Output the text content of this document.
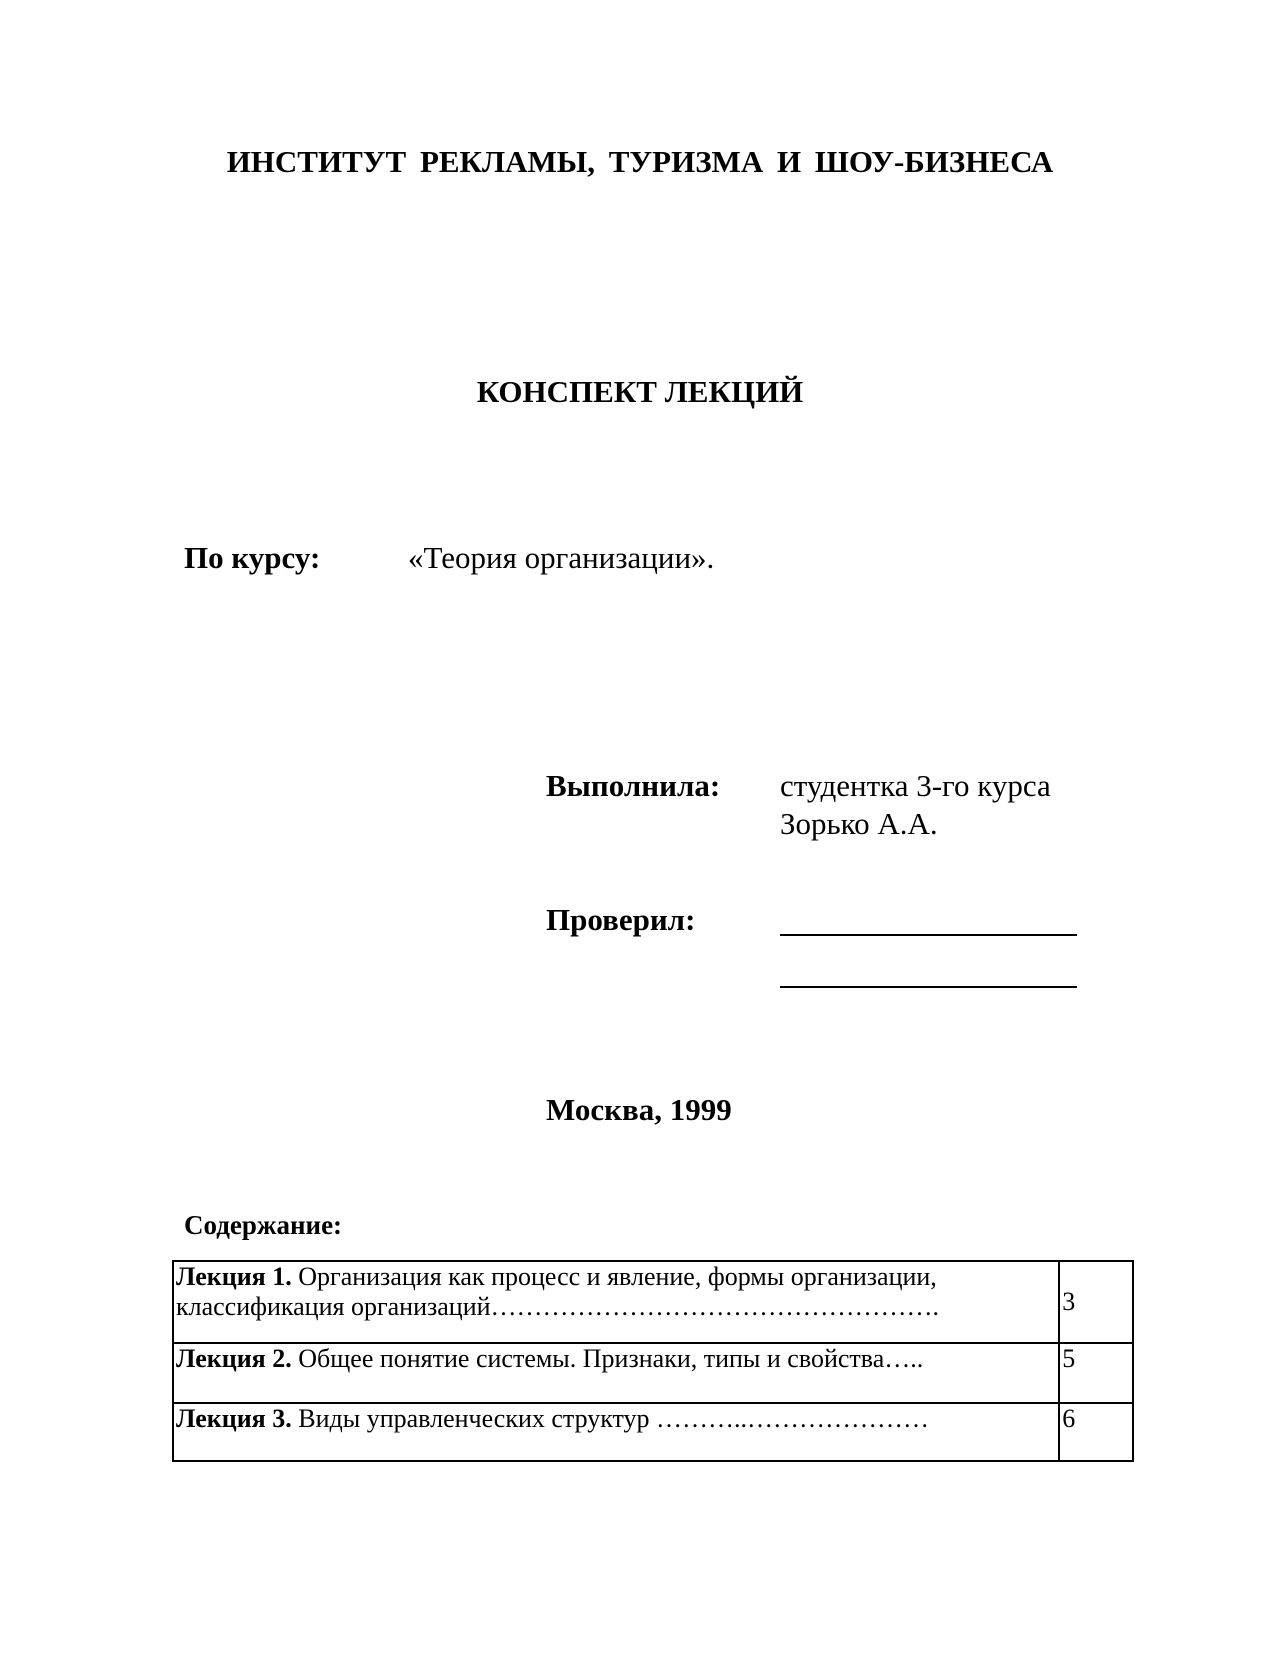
ИНСТИТУТ РЕКЛАМЫ, ТУРИЗМА И ШОУ-БИЗНЕСА
КОНСПЕКТ ЛЕКЦИЙ
По курсу:	«Теория организации».
Выполнила: студентка 3-го курса
Зорько А.А.
Проверил:
Москва, 1999
Содержание:
Лекция 1. Организация как процесс и явление, формы организации,
классификация организаций…………………………………………….	3

Лекция 2. Общее понятие системы. Признаки, типы и свойства…..	5

Лекция 3. Виды управленческих структур ………..…………………	6
